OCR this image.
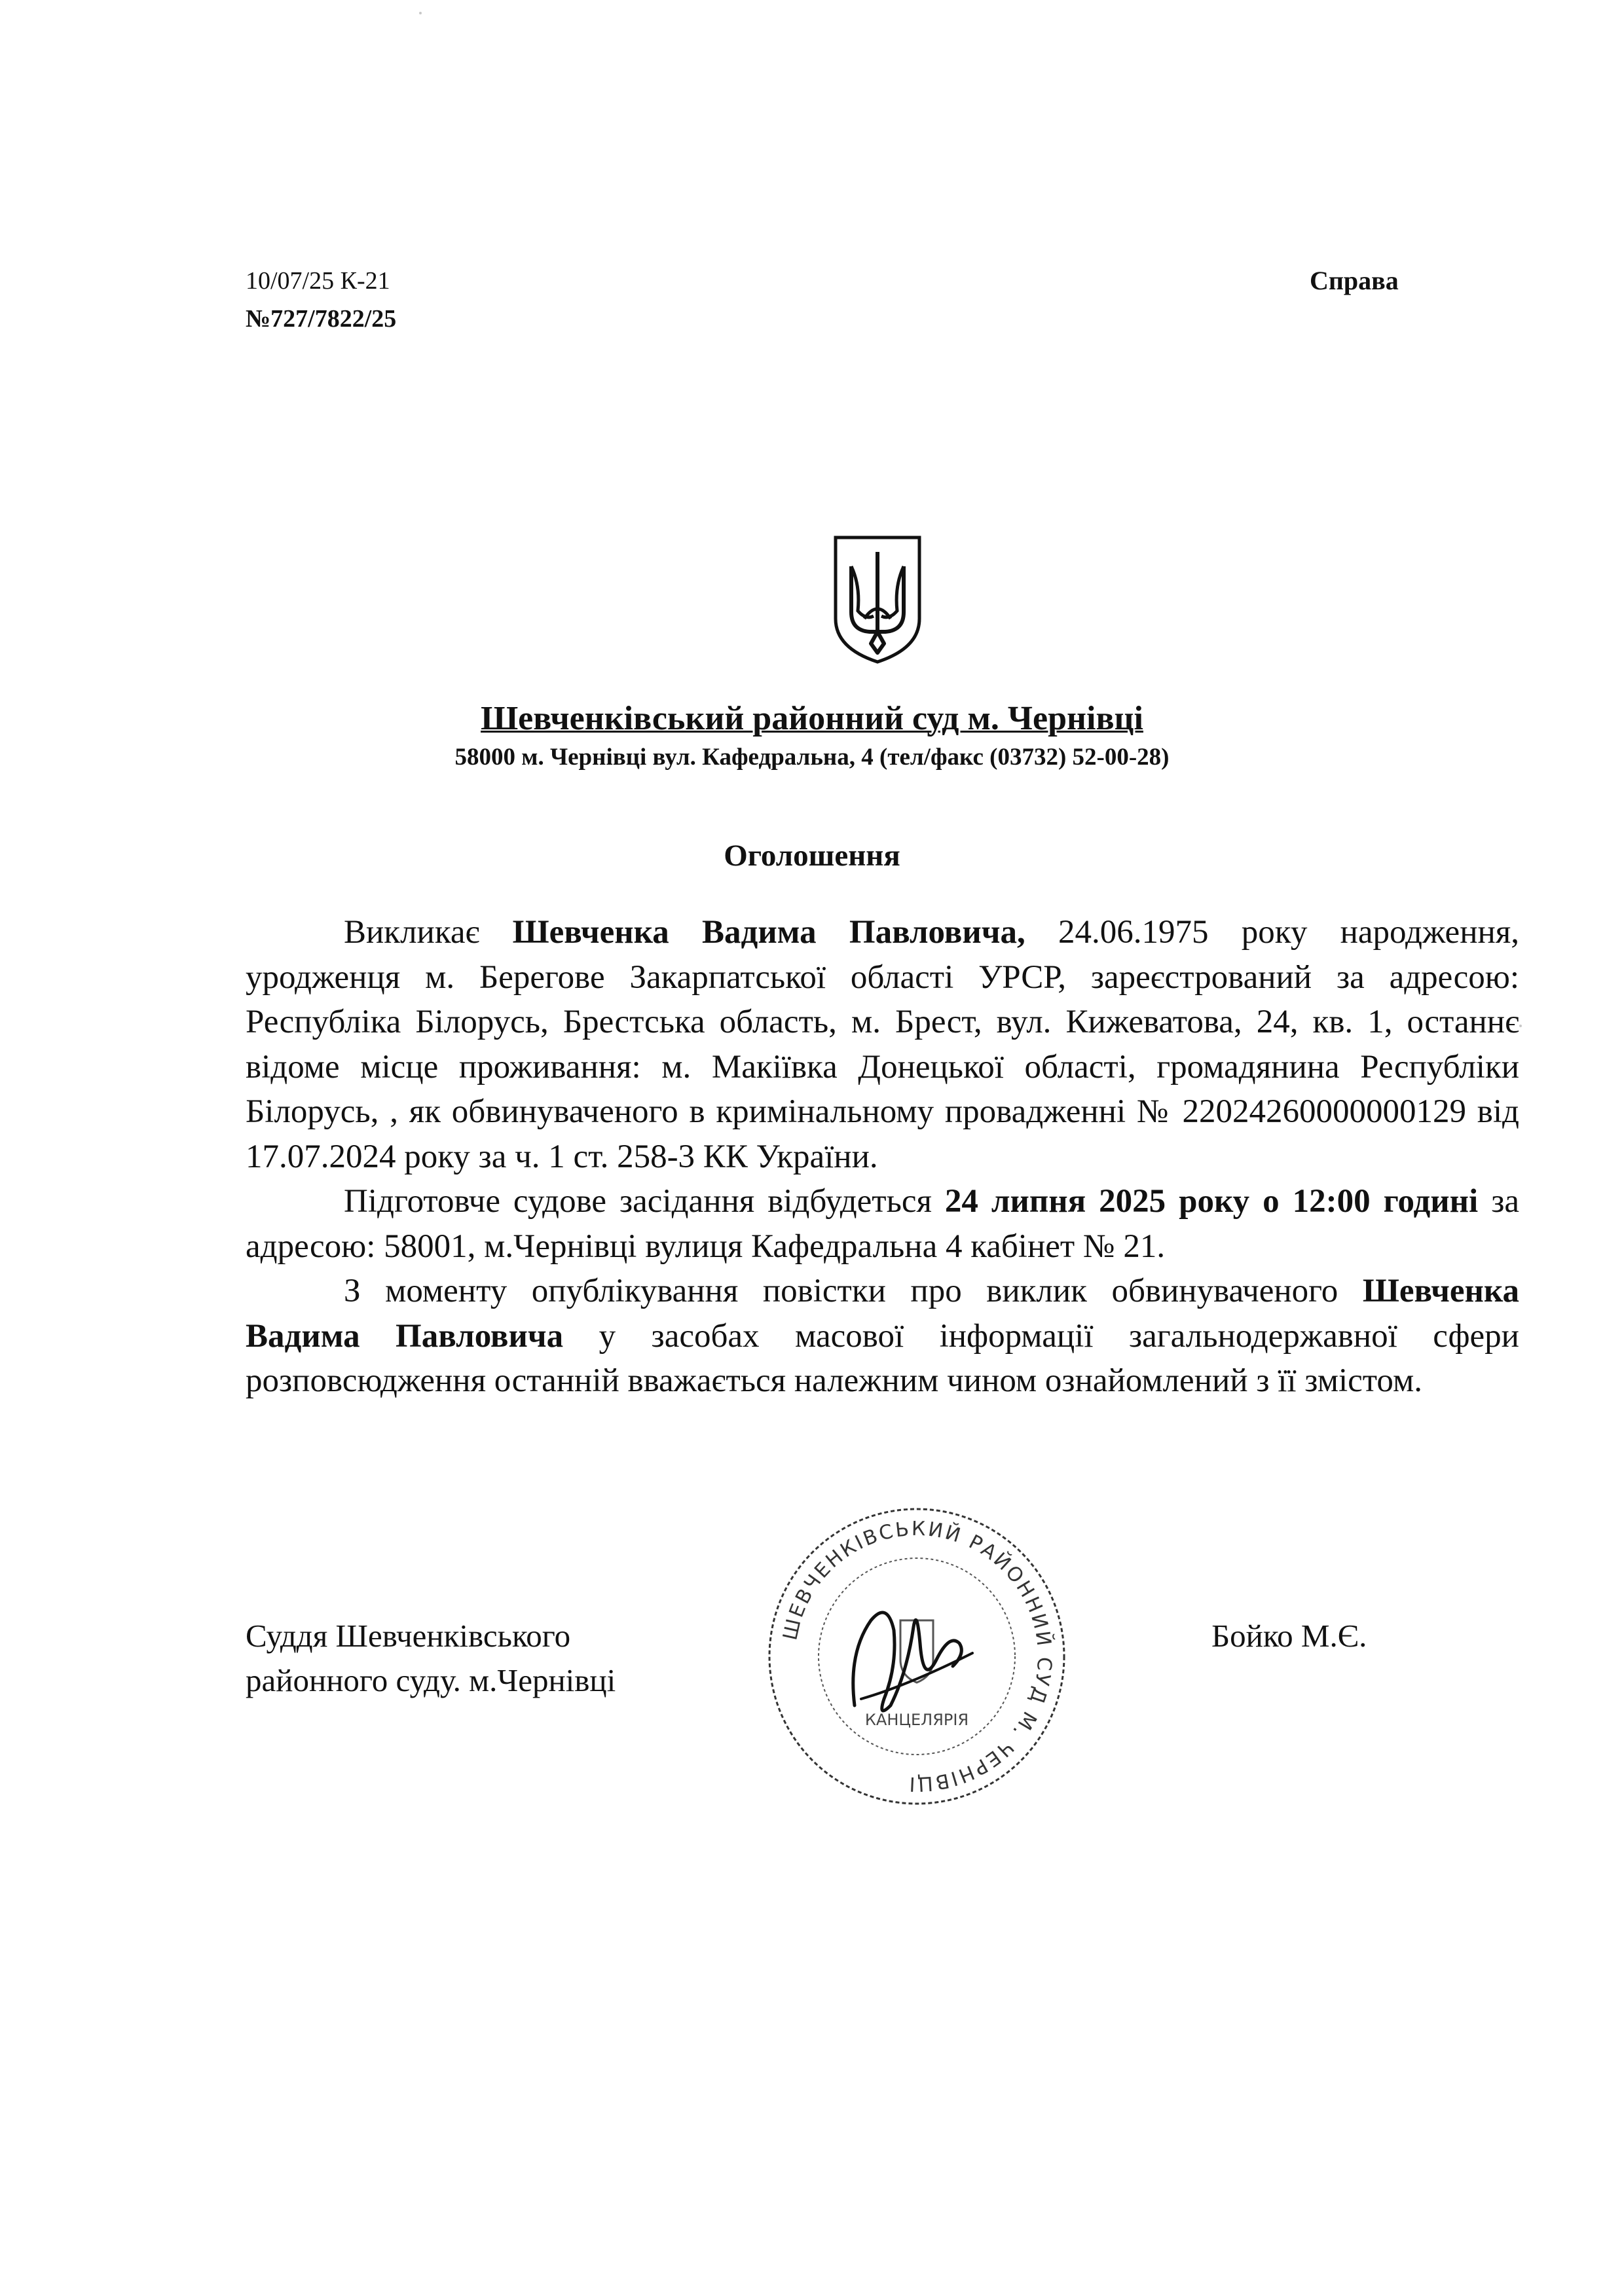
10/07/25 К-21
№727/7822/25
Справа
Шевченківський районний суд м. Чернівці
58000 м. Чернівці вул. Кафедральна, 4 (тел/факс (03732) 52-00-28)
Оголошення

Викликає Шевченка Вадима Павловича, 24.06.1975 року народження, уродженця м. Берегове Закарпатської області УРСР, зареєстрований за адресою: Республіка Білорусь, Брестська область, м. Брест, вул. Кижеватова, 24, кв. 1, останнє відоме місце проживання: м. Макіївка Донецької області, громадянина Республіки Білорусь, , як обвинуваченого в кримінальному провадженні № 22024260000000129 від 17.07.2024 року за ч. 1 ст. 258-3 КК України.

Підготовче судове засідання відбудеться 24 липня 2025 року о 12:00 годині за адресою: 58001, м.Чернівці вулиця Кафедральна 4 кабінет № 21.

З моменту опублікування повістки про виклик обвинуваченого Шевченка Вадима Павловича у засобах масової інформації загальнодержавної сфери розповсюдження останній вважається належним чином ознайомлений з її змістом.

Суддя Шевченківського
районного суду. м.Чернівці
Бойко М.Є.
ШЕВЧЕНКІВСЬКИЙ РАЙОННИЙ СУД М. ЧЕРНІВЦІ
КАНЦЕЛЯРІЯ
